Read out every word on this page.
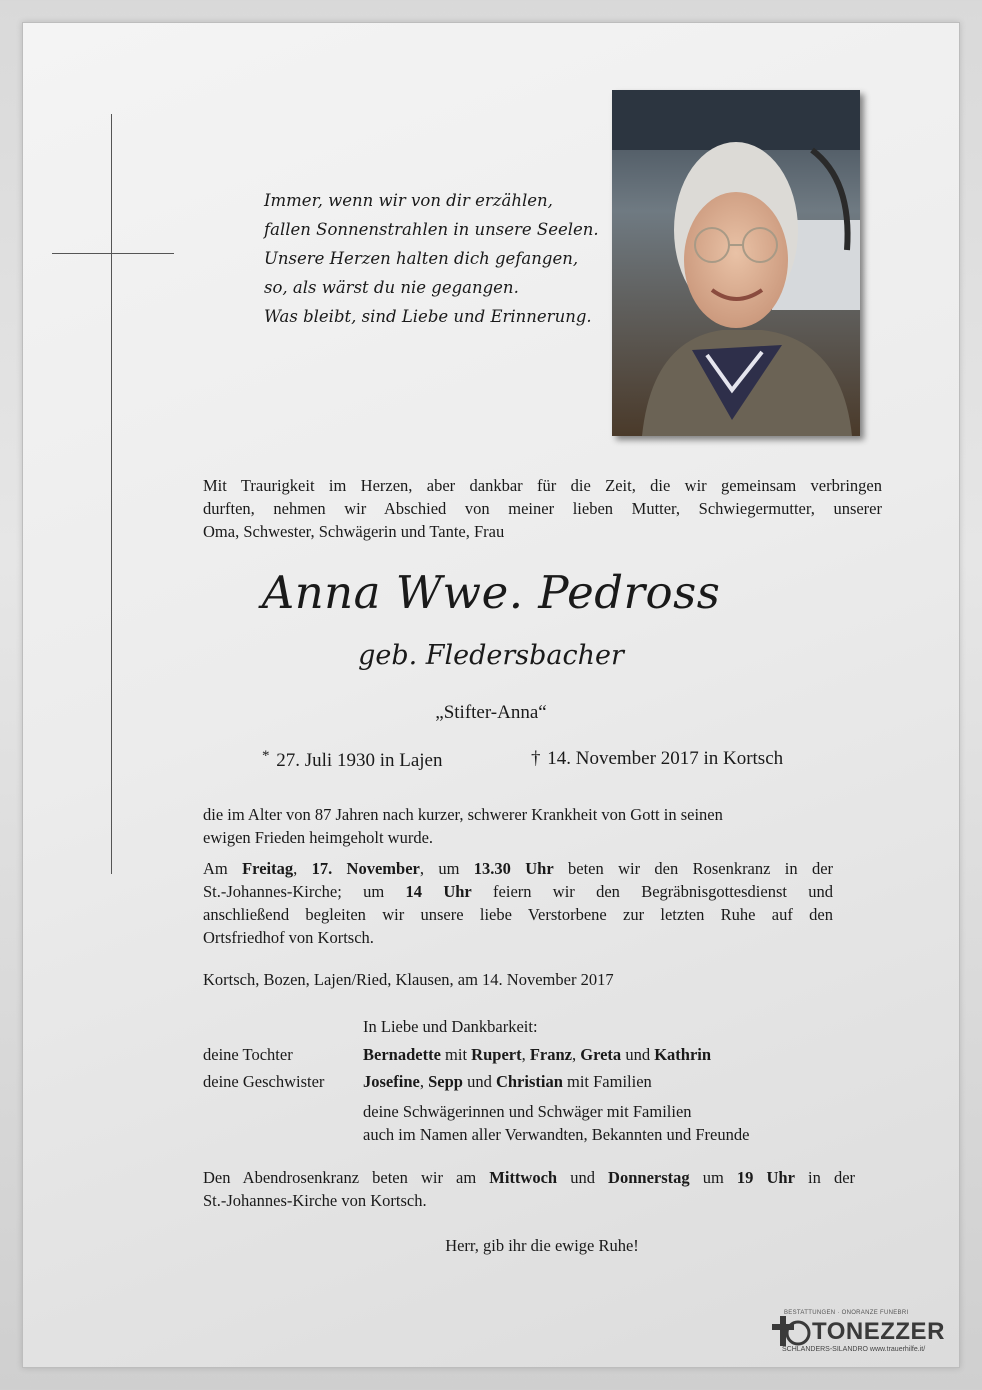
Immer, wenn wir von dir erzählen,
fallen Sonnenstrahlen in unsere Seelen.
Unsere Herzen halten dich gefangen,
so, als wärst du nie gegangen.
Was bleibt, sind Liebe und Erinnerung.
Mit Traurigkeit im Herzen, aber dankbar für die Zeit, die wir gemeinsam verbringen
durften, nehmen wir Abschied von meiner lieben Mutter, Schwiegermutter, unserer
Oma, Schwester, Schwägerin und Tante, Frau
Anna Wwe. Pedross
geb. Fledersbacher
„Stifter-Anna“
* 27. Juli 1930 in Lajen	† 14. November 2017 in Kortsch
die im Alter von 87 Jahren nach kurzer, schwerer Krankheit von Gott in seinen
ewigen Frieden heimgeholt wurde.
Am Freitag, 17. November, um 13.30 Uhr beten wir den Rosenkranz in der
St.-Johannes-Kirche; um 14 Uhr feiern wir den Begräbnisgottesdienst und
anschließend begleiten wir unsere liebe Verstorbene zur letzten Ruhe auf den
Ortsfriedhof von Kortsch.
Kortsch, Bozen, Lajen/Ried, Klausen, am 14. November 2017
In Liebe und Dankbarkeit:
deine Tochter	Bernadette mit Rupert, Franz, Greta und Kathrin
deine Geschwister	Josefine, Sepp und Christian mit Familien
deine Schwägerinnen und Schwäger mit Familien
auch im Namen aller Verwandten, Bekannten und Freunde
Den Abendrosenkranz beten wir am Mittwoch und Donnerstag um 19 Uhr in der
St.-Johannes-Kirche von Kortsch.
Herr, gib ihr die ewige Ruhe!
BESTATTUNGEN · ONORANZE FUNEBRI
TONEZZER
SCHLANDERS-SILANDRO www.trauerhilfe.it/
